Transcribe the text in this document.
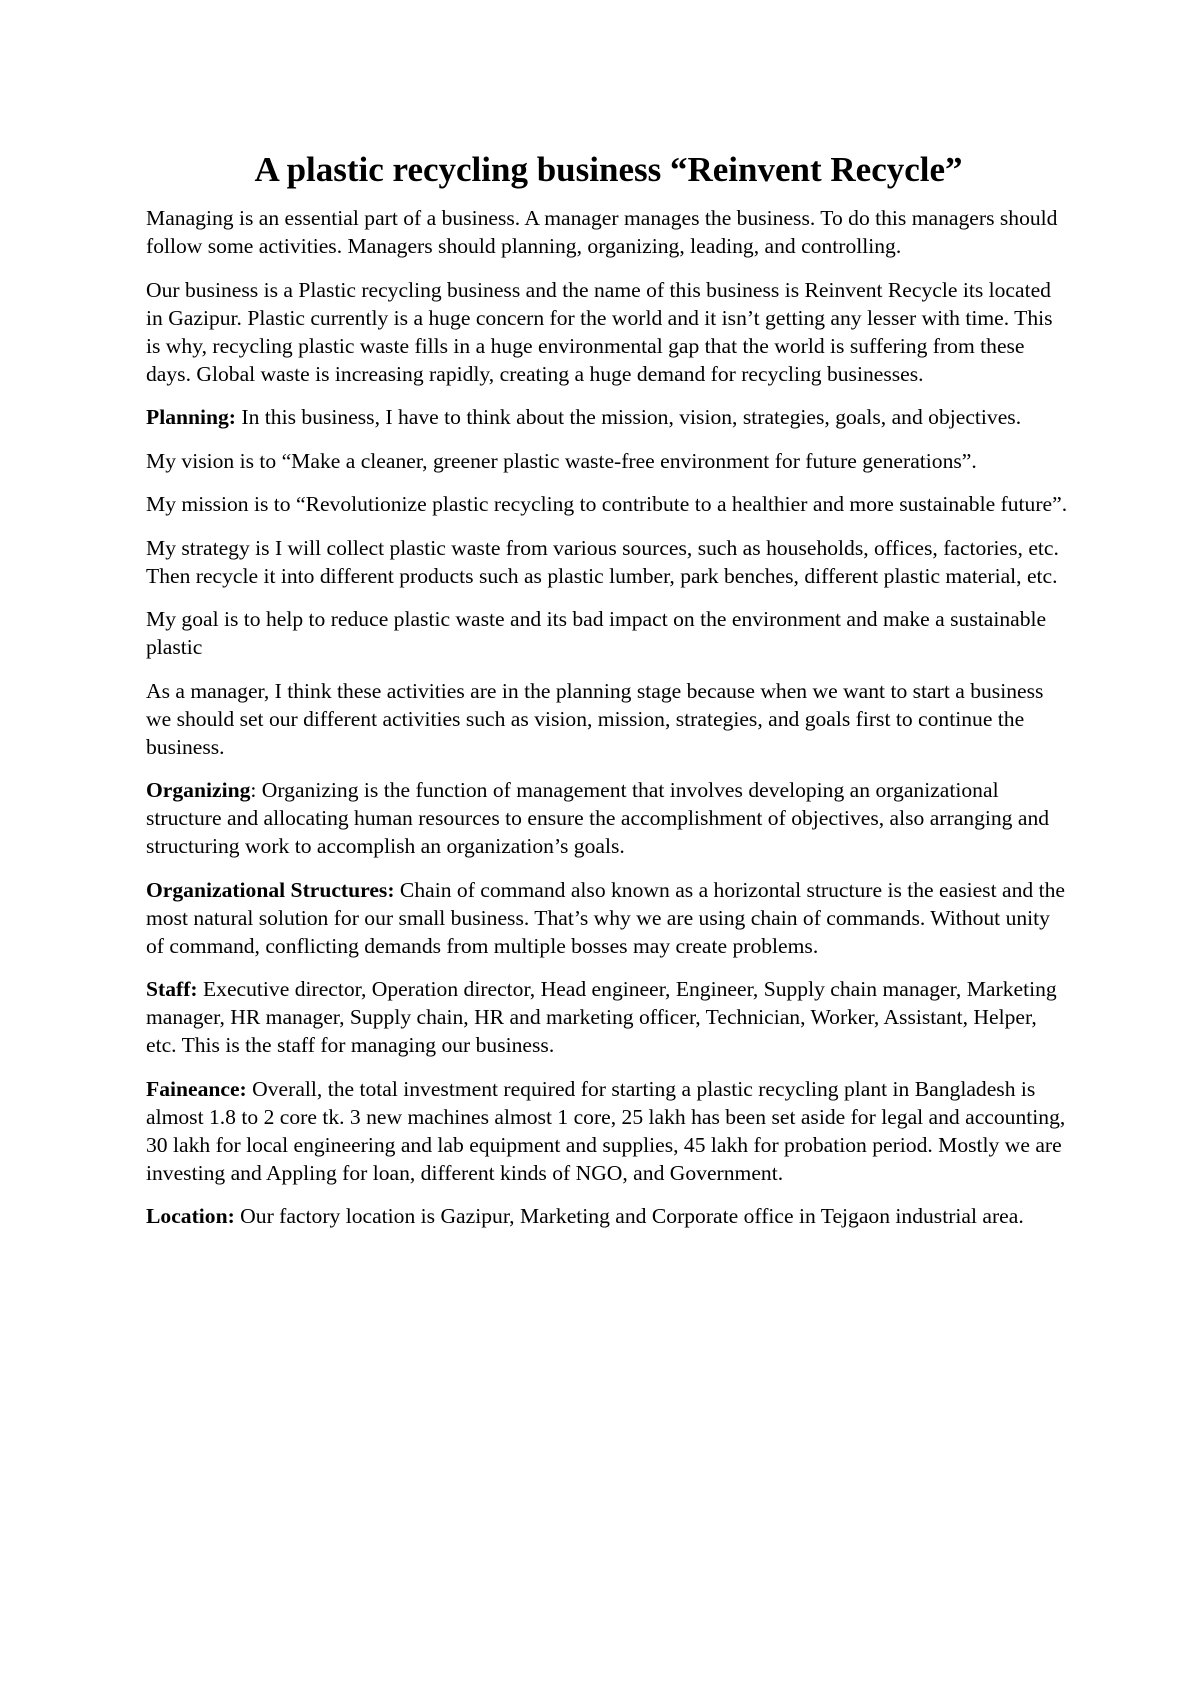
A plastic recycling business “Reinvent Recycle”

Managing is an essential part of a business. A manager manages the business. To do this managers should follow some activities. Managers should planning, organizing, leading, and controlling.

Our business is a Plastic recycling business and the name of this business is Reinvent Recycle its located in Gazipur. Plastic currently is a huge concern for the world and it isn’t getting any lesser with time. This is why, recycling plastic waste fills in a huge environmental gap that the world is suffering from these days. Global waste is increasing rapidly, creating a huge demand for recycling businesses.

Planning: In this business, I have to think about the mission, vision, strategies, goals, and objectives.

My vision is to “Make a cleaner, greener plastic waste-free environment for future generations”.

My mission is to “Revolutionize plastic recycling to contribute to a healthier and more sustainable future”.

My strategy is I will collect plastic waste from various sources, such as households, offices, factories, etc. Then recycle it into different products such as plastic lumber, park benches, different plastic material, etc.

My goal is to help to reduce plastic waste and its bad impact on the environment and make a sustainable plastic

As a manager, I think these activities are in the planning stage because when we want to start a business we should set our different activities such as vision, mission, strategies, and goals first to continue the business.

Organizing: Organizing is the function of management that involves developing an organizational structure and allocating human resources to ensure the accomplishment of objectives, also arranging and structuring work to accomplish an organization’s goals.

Organizational Structures: Chain of command also known as a horizontal structure is the easiest and the most natural solution for our small business. That’s why we are using chain of commands. Without unity of command, conflicting demands from multiple bosses may create problems.

Staff: Executive director, Operation director, Head engineer, Engineer, Supply chain manager, Marketing manager, HR manager, Supply chain, HR and marketing officer, Technician, Worker, Assistant, Helper, etc. This is the staff for managing our business.

Faineance: Overall, the total investment required for starting a plastic recycling plant in Bangladesh is almost 1.8 to 2 core tk. 3 new machines almost 1 core, 25 lakh has been set aside for legal and accounting, 30 lakh for local engineering and lab equipment and supplies, 45 lakh for probation period. Mostly we are investing and Appling for loan, different kinds of NGO, and Government.

Location: Our factory location is Gazipur, Marketing and Corporate office in Tejgaon industrial area.
